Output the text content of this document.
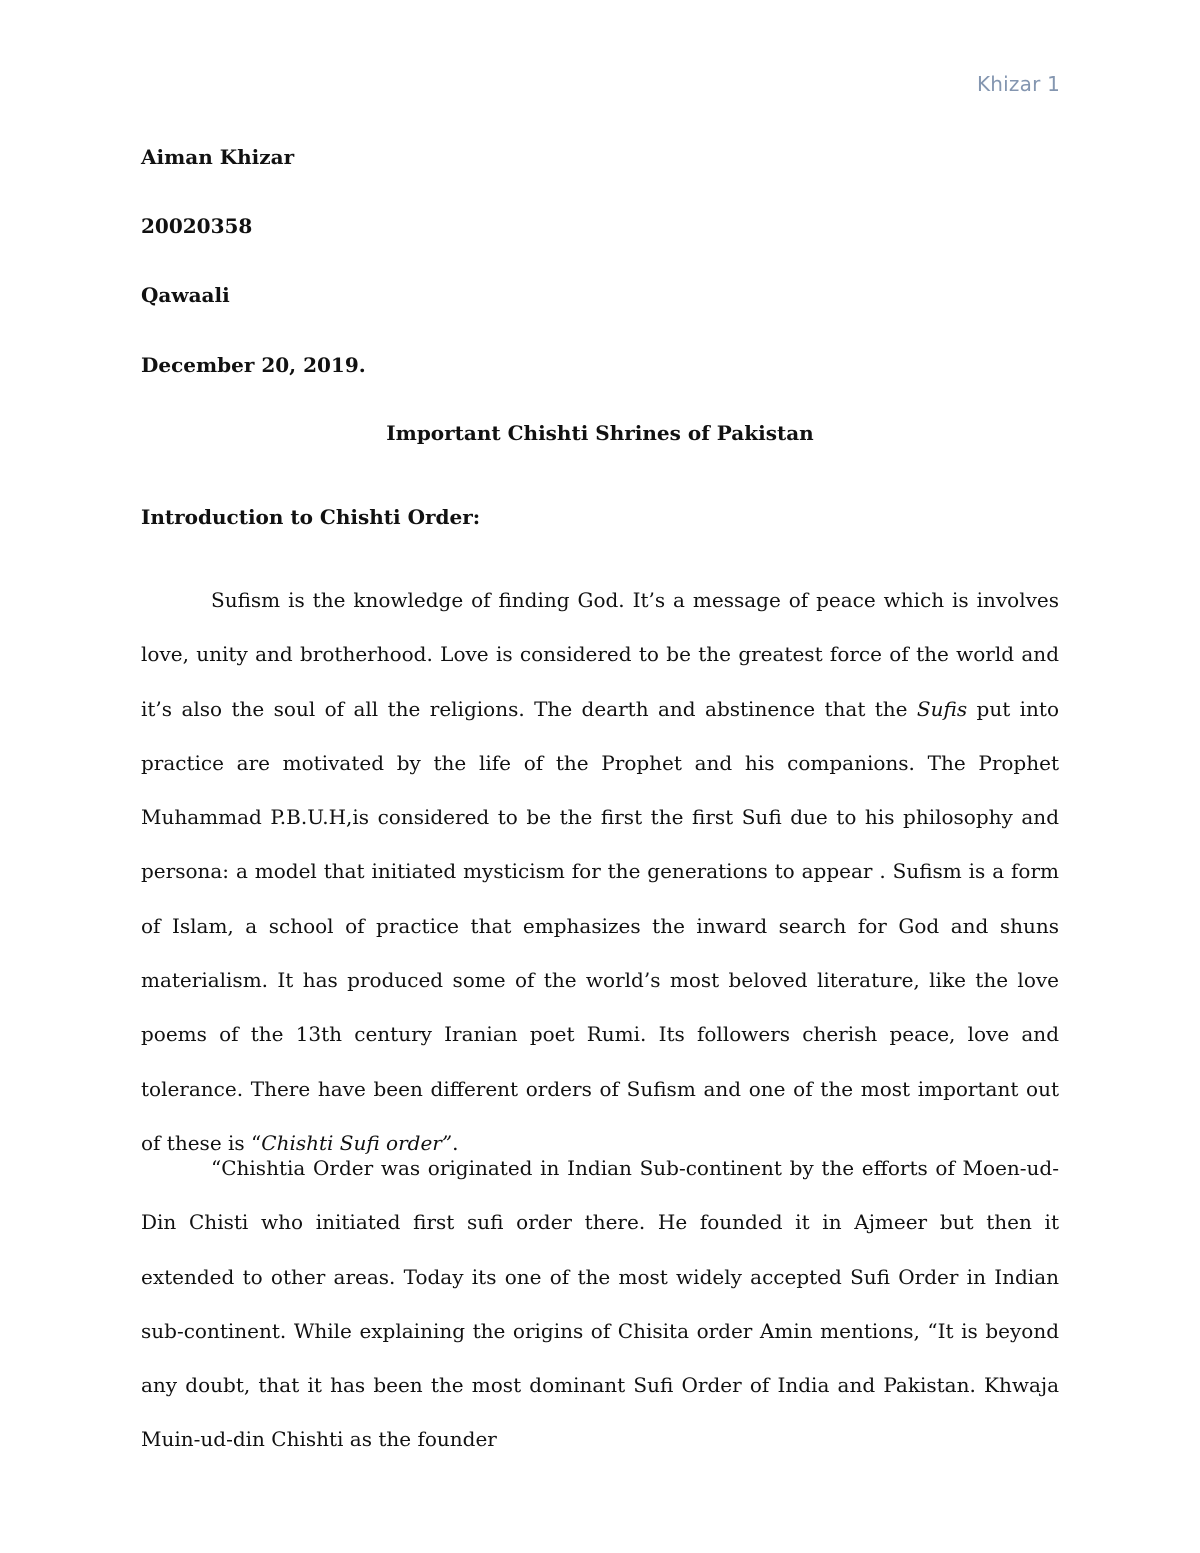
Khizar 1
Aiman Khizar
20020358
Qawaali
December 20, 2019.
Important Chishti Shrines of Pakistan
Introduction to Chishti Order:

Sufism is the knowledge of finding God. It’s a message of peace which is involves love, unity and brotherhood. Love is considered to be the greatest force of the world and it’s also the soul of all the religions. The dearth and abstinence that the Sufis put into practice are motivated by the life of the Prophet and his companions. The Prophet Muhammad P.B.U.H,is considered to be the first the first Sufi due to his philosophy and persona: a model that initiated mysticism for the generations to appear . Sufism is a form of Islam, a school of practice that emphasizes the inward search for God and shuns materialism. It has produced some of the world’s most beloved literature, like the love poems of the 13th century Iranian poet Rumi. Its followers cherish peace, love and tolerance. There have been different orders of Sufism and one of the most important out of these is “Chishti Sufi order”.

“Chishtia Order was originated in Indian Sub-continent by the efforts of Moen-ud-Din Chisti who initiated first sufi order there. He founded it in Ajmeer but then it extended to other areas. Today its one of the most widely accepted Sufi Order in Indian sub-continent. While explaining the origins of Chisita order Amin mentions, “It is beyond any doubt, that it has been the most dominant Sufi Order of India and Pakistan. Khwaja Muin-ud-din Chishti as the founder
